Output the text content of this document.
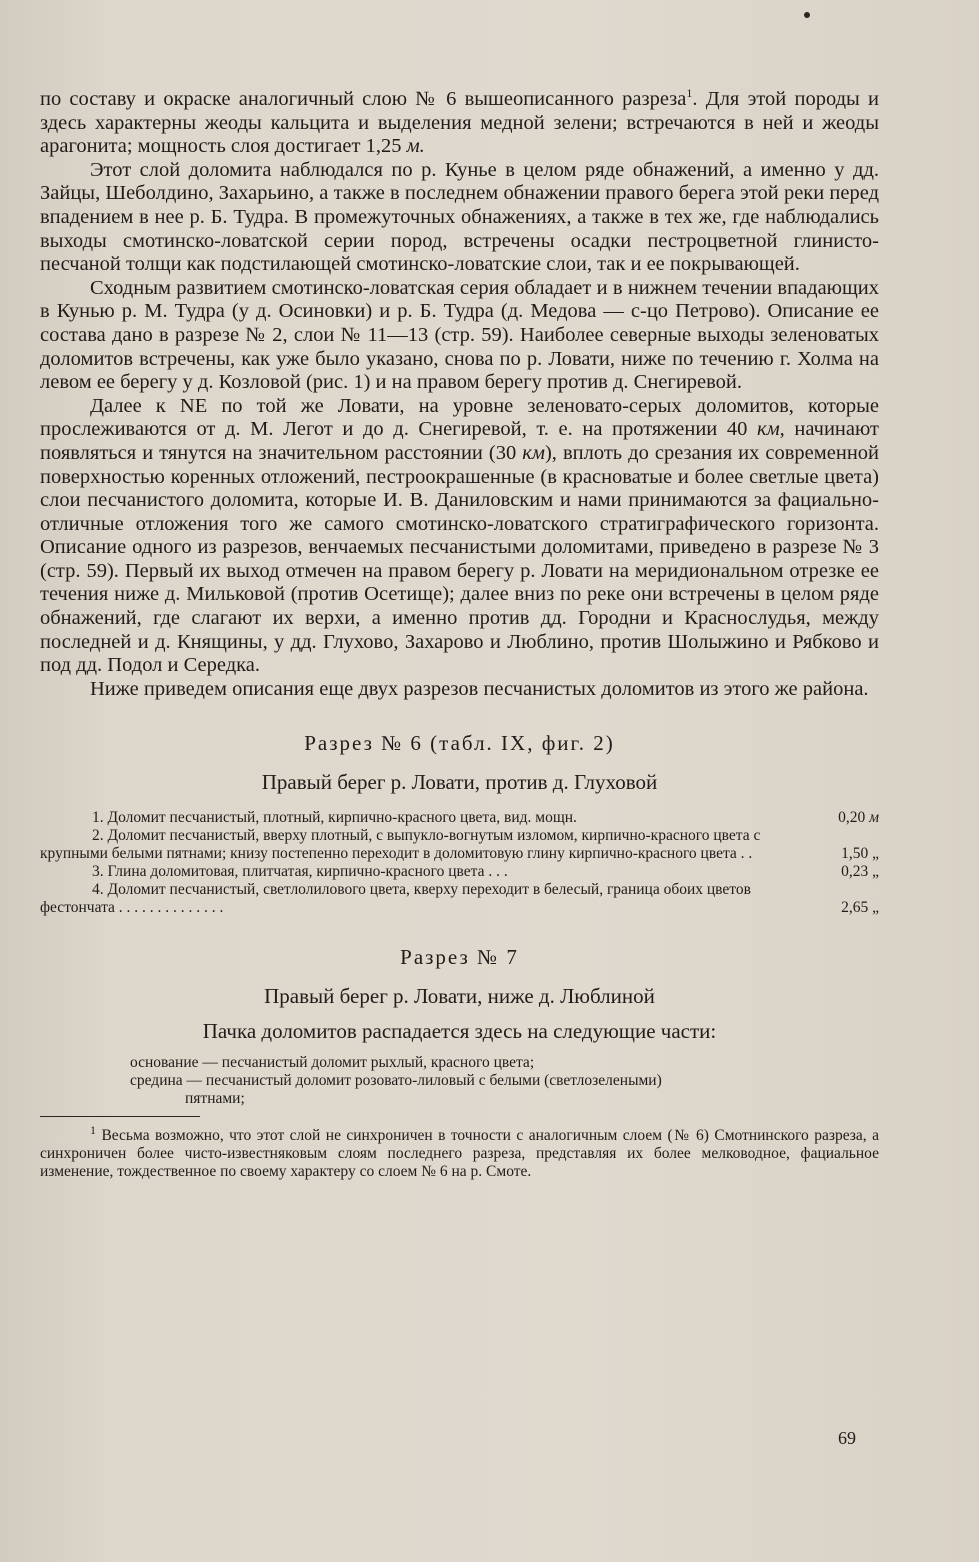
по составу и окраске аналогичный слою № 6 вышеописанного разреза$^1$. Для этой породы и здесь характерны жеоды кальцита и выделения медной зелени; встречаются в ней и жеоды арагонита; мощность слоя достигает 1,25 м.

Этот слой доломита наблюдался по р. Кунье в целом ряде обнажений, а именно у дд. Зайцы, Шеболдино, Захарьино, а также в последнем обнажении правого берега этой реки перед впадением в нее р. Б. Тудра. В промежуточных обнажениях, а также в тех же, где наблюдались выходы смотинско-ловатской серии пород, встречены осадки пестроцветной глинисто-песчаной толщи как подстилающей смотинско-ловатские слои, так и ее покрывающей.

Сходным развитием смотинско-ловатская серия обладает и в нижнем течении впадающих в Кунью р. М. Тудра (у д. Осиновки) и р. Б. Тудра (д. Медова — с-цо Петрово). Описание ее состава дано в разрезе № 2, слои № 11—13 (стр. 59). Наиболее северные выходы зеленоватых доломитов встречены, как уже было указано, снова по р. Ловати, ниже по течению г. Холма на левом ее берегу у д. Козловой (рис. 1) и на правом берегу против д. Снегиревой.

Далее к NE по той же Ловати, на уровне зеленовато-серых доломитов, которые прослеживаются от д. М. Легот и до д. Снегиревой, т. е. на протяжении 40 км, начинают появляться и тянутся на значительном расстоянии (30 км), вплоть до срезания их современной поверхностью коренных отложений, пестроокрашенные (в красноватые и более светлые цвета) слои песчанистого доломита, которые И. В. Даниловским и нами принимаются за фациально-отличные отложения того же самого смотинско-ловатского стратиграфического горизонта. Описание одного из разрезов, венчаемых песчанистыми доломитами, приведено в разрезе № 3 (стр. 59). Первый их выход отмечен на правом берегу р. Ловати на меридиональном отрезке ее течения ниже д. Мильковой (против Осетище); далее вниз по реке они встречены в целом ряде обнажений, где слагают их верхи, а именно против дд. Городни и Краснослудья, между последней и д. Княщины, у дд. Глухово, Захарово и Люблино, против Шолыжино и Рябково и под дд. Подол и Середка.

Ниже приведем описания еще двух разрезов песчанистых доломитов из этого же района.

Разрез № 6 (табл. IX, фиг. 2)
Правый берег р. Ловати, против д. Глуховой
1. Доломит песчанистый, плотный, кирпично-красного цвета, вид. мощн.	0,20 м
2. Доломит песчанистый, вверху плотный, с выпукло-вогнутым изломом, кирпично-красного цвета с крупными белыми пятнами; книзу постепенно переходит в доломитовую глину кирпично-красного цвета . .	1,50 „
3. Глина доломитовая, плитчатая, кирпично-красного цвета . . .	0,23 „
4. Доломит песчанистый, светлолилового цвета, кверху переходит в белесый, граница обоих цветов фестончата . . . . . . . . . . . . . .	2,65 „
Разрез № 7
Правый берег р. Ловати, ниже д. Люблиной
Пачка доломитов распадается здесь на следующие части:
основание — песчанистый доломит рыхлый, красного цвета;
средина — песчанистый доломит розовато-лиловый с белыми (светлозелеными)
пятнами;
$^1$ Весьма возможно, что этот слой не синхроничен в точности с аналогичным слоем (№ 6) Смотнинского разреза, а синхроничен более чисто-известняковым слоям последнего разреза, представляя их более мелководное, фациальное изменение, тождественное по своему характеру со слоем № 6 на р. Смоте.
69
